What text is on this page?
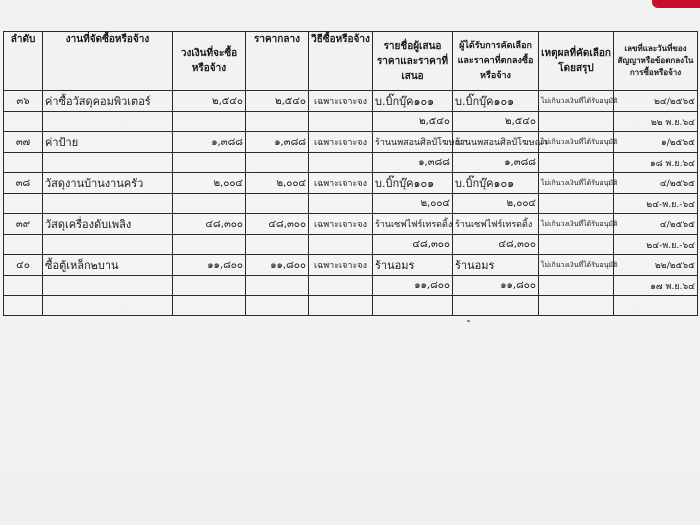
ลำดับ	งานที่จัดซื้อหรือจ้าง	วงเงินที่จะซื้อหรือจ้าง	ราคากลาง	วิธีซื้อหรือจ้าง	รายชื่อผู้เสนอราคาและราคาที่เสนอ	ผู้ได้รับการคัดเลือกและราคาที่ตกลงซื้อหรือจ้าง	เหตุผลที่คัดเลือกโดยสรุป	เลขที่และวันที่ของสัญญาหรือข้อตกลงในการซื้อหรือจ้าง
๓๖	ค่าซื้อวัสดุคอมพิวเตอร์	๒,๕๔๐	๒,๕๔๐	เฉพาะเจาะจง	บ.บิ๊กบุ๊ค๑๐๑	บ.บิ๊กบุ๊ค๑๐๑	ไม่เกินวงเงินที่ได้รับอนุมัติ	๒๔/๒๕๖๕
					๒,๕๔๐	๒,๕๔๐		๒๒ พ.ย.๖๔
๓๗	ค่าป้าย	๑,๓๘๘	๑,๓๘๘	เฉพาะเจาะจง	ร้านนพสอนศิลป์โฆษณา	ร้านนพสอนศิลป์โฆษณา	ไม่เกินวงเงินที่ได้รับอนุมัติ	๑/๒๕๖๕
					๑,๓๘๘	๑,๓๘๘		๑๘ พ.ย.๖๔
๓๘	วัสดุงานบ้านงานครัว	๒,๐๐๔	๒,๐๐๔	เฉพาะเจาะจง	บ.บิ๊กบุ๊ค๑๐๑	บ.บิ๊กบุ๊ค๑๐๑	ไม่เกินวงเงินที่ได้รับอนุมัติ	๔/๒๕๖๕
					๒,๐๐๔	๒,๐๐๔		๒๔-พ.ย.-๖๔
๓๙	วัสดุเครื่องดับเพลิง	๔๘,๓๐๐	๔๘,๓๐๐	เฉพาะเจาะจง	ร้านเซฟไฟร์เทรดดิ้ง	ร้านเซฟไฟร์เทรดดิ้ง	ไม่เกินวงเงินที่ได้รับอนุมัติ	๔/๒๕๖๕
					๔๘,๓๐๐	๔๘,๓๐๐		๒๔-พ.ย.-๖๔
๔๐	ซื้อตู้เหล็ก๒บาน	๑๑,๘๐๐	๑๑,๘๐๐	เฉพาะเจาะจง	ร้านอมร	ร้านอมร	ไม่เกินวงเงินที่ได้รับอนุมัติ	๒๒/๒๕๖๕
					๑๑,๘๐๐	๑๑,๘๐๐		๑๗ พ.ย.๖๔
